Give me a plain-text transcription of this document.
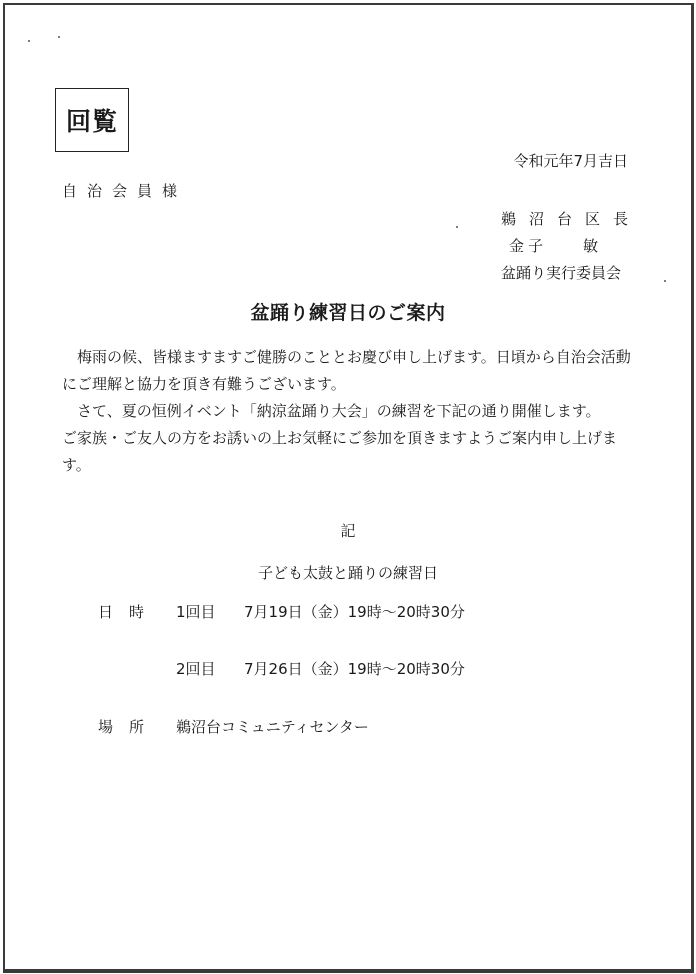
回覧
令和元年7月吉日
自治会員様
鵜沼台区長
金子 敏
盆踊り実行委員会
盆踊り練習日のご案内

梅雨の候、皆様ますますご健勝のこととお慶び申し上げます。日頃から自治会活動

にご理解と協力を頂き有難うございます。

さて、夏の恒例イベント「納涼盆踊り大会」の練習を下記の通り開催します。

ご家族・ご友人の方をお誘いの上お気軽にご参加を頂きますようご案内申し上げま

す。

記
子ども太鼓と踊りの練習日
日時 1回目 7月19日（金）19時～20時30分
2回目 7月26日（金）19時～20時30分
場所 鵜沼台コミュニティセンター
